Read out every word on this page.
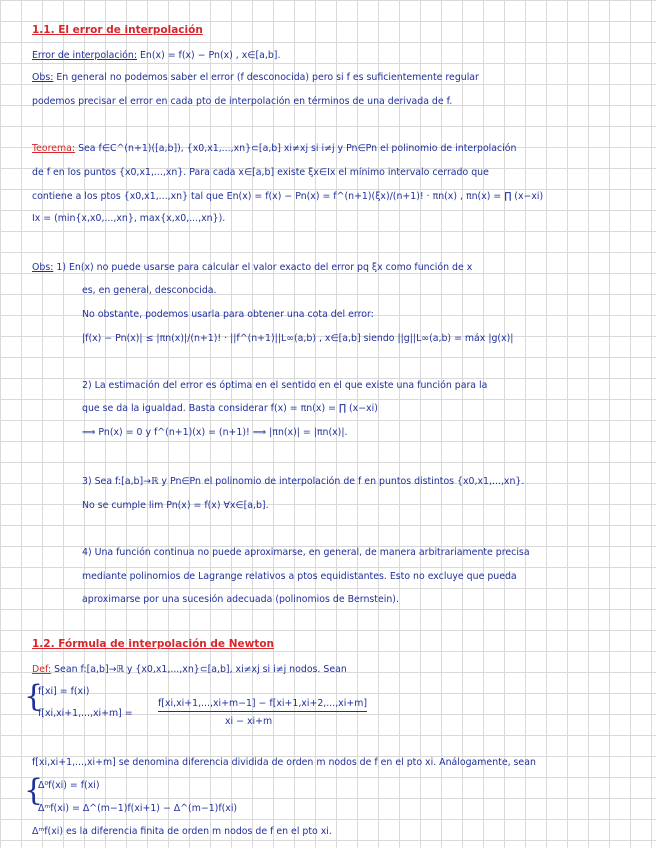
1.1. El error de interpolación
Error de interpolación: En(x) = f(x) − Pn(x) , x∈[a,b].
Obs: En general no podemos saber el error (f desconocida) pero si f es suficientemente regular
podemos precisar el error en cada pto de interpolación en términos de una derivada de f.
Teorema: Sea f∈C^(n+1)([a,b]), {x0,x1,...,xn}⊂[a,b] xi≠xj si i≠j y Pn∈Pn el polinomio de interpolación
de f en los puntos {x0,x1,...,xn}. Para cada x∈[a,b] existe ξx∈Ix el mínimo intervalo cerrado que
contiene a los ptos {x0,x1,...,xn} tal que En(x) = f(x) − Pn(x) = f^(n+1)(ξx)/(n+1)! · πn(x) , πn(x) = ∏ (x−xi)
Ix = (min{x,x0,...,xn}, max{x,x0,...,xn}).
Obs: 1) En(x) no puede usarse para calcular el valor exacto del error pq ξx como función de x
es, en general, desconocida.
No obstante, podemos usarla para obtener una cota del error:
|f(x) − Pn(x)| ≤ |πn(x)|/(n+1)! · ||f^(n+1)||L∞(a,b) , x∈[a,b] siendo ||g||L∞(a,b) = máx |g(x)|
2) La estimación del error es óptima en el sentido en el que existe una función para la
que se da la igualdad. Basta considerar f(x) = πn(x) = ∏ (x−xi)
⟹ Pn(x) = 0 y f^(n+1)(x) = (n+1)! ⟹ |πn(x)| = |πn(x)|.
3) Sea f:[a,b]→ℝ y Pn∈Pn el polinomio de interpolación de f en puntos distintos {x0,x1,...,xn}.
No se cumple lim Pn(x) = f(x) ∀x∈[a,b].
4) Una función continua no puede aproximarse, en general, de manera arbitrariamente precisa
mediante polinomios de Lagrange relativos a ptos equidistantes. Esto no excluye que pueda
aproximarse por una sucesión adecuada (polinomios de Bernstein).
1.2. Fórmula de interpolación de Newton
Def: Sean f:[a,b]→ℝ y {x0,x1,...,xn}⊂[a,b], xi≠xj si i≠j nodos. Sean
{
f[xi] = f(xi)
f[xi,xi+1,...,xi+m] =
f[xi,xi+1,...,xi+m−1] − f[xi+1,xi+2,...,xi+m]
xi − xi+m
f[xi,xi+1,...,xi+m] se denomina diferencia dividida de orden m nodos de f en el pto xi. Análogamente, sean
{
Δ⁰f(xi) = f(xi)
Δᵐf(xi) = Δ^(m−1)f(xi+1) − Δ^(m−1)f(xi)
Δᵐf(xi) es la diferencia finita de orden m nodos de f en el pto xi.
